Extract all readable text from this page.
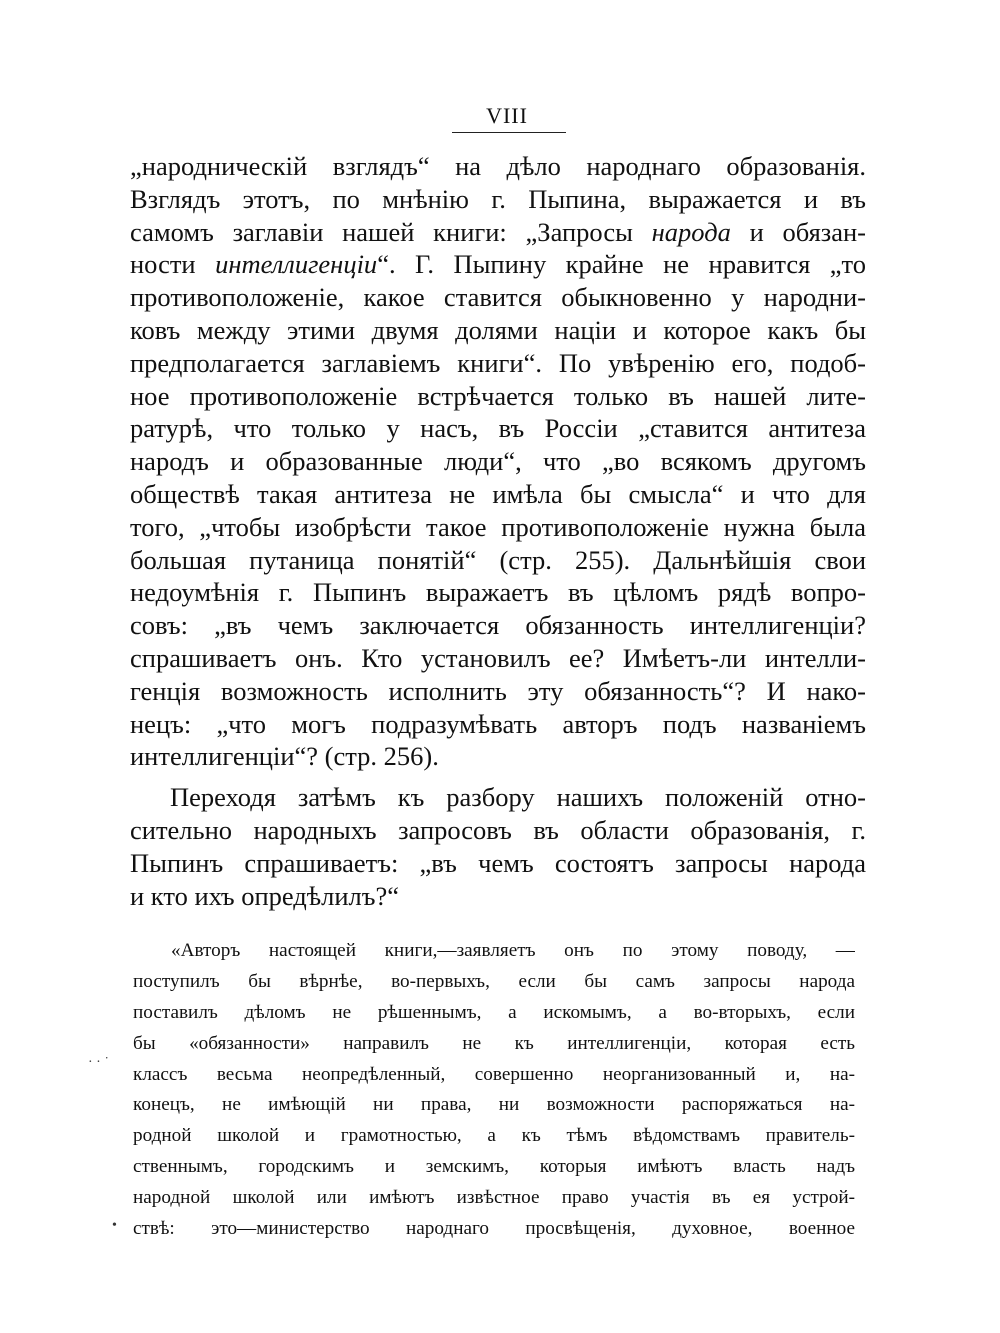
VIII
„народническій взглядъ“ на дѣло народнаго образованія.
Взглядъ этотъ, по мнѣнію г. Пыпина, выражается и въ
самомъ заглавіи нашей книги: „Запросы народа и обязан-
ности интеллигенціи“. Г. Пыпину крайне не нравится „то
противоположеніе, какое ставится обыкновенно у народни-
ковъ между этими двумя долями націи и которое какъ бы
предполагается заглавіемъ книги“. По увѣренію его, подоб-
ное противоположеніе встрѣчается только въ нашей лите-
ратурѣ, что только у насъ, въ Россіи „ставится антитеза
народъ и образованные люди“, что „во всякомъ другомъ
обществѣ такая антитеза не имѣла бы смысла“ и что для
того, „чтобы изобрѣсти такое противоположеніе нужна была
большая путаница понятій“ (стр. 255). Дальнѣйшія свои
недоумѣнія г. Пыпинъ выражаетъ въ цѣломъ рядѣ вопро-
совъ: „въ чемъ заключается обязанность интеллигенціи?
спрашиваетъ онъ. Кто установилъ ее? Имѣетъ-ли интелли-
генція возможность исполнить эту обязанность“? И нако-
нецъ: „что могъ подразумѣвать авторъ подъ названіемъ
интеллигенціи“? (стр. 256).
Переходя затѣмъ къ разбору нашихъ положеній отно-
сительно народныхъ запросовъ въ области образованія, г.
Пыпинъ спрашиваетъ: „въ чемъ состоятъ запросы народа
и кто ихъ опредѣлилъ?“
«Авторъ настоящей книги,—заявляетъ онъ по этому поводу, —
поступилъ бы вѣрнѣе, во-первыхъ, если бы самъ запросы народа
поставилъ дѣломъ не рѣшеннымъ, а искомымъ, а во-вторыхъ, если
бы «обязанности» направилъ не къ интеллигенціи, которая есть
классъ весьма неопредѣленный, совершенно неорганизованный и, на-
конецъ, не имѣющій ни права, ни возможности распоряжаться на-
родной школой и грамотностью, а къ тѣмъ вѣдомствамъ правитель-
ственнымъ, городскимъ и земскимъ, которыя имѣютъ власть надъ
народной школой или имѣютъ извѣстное право участія въ ея устрой-
ствѣ: это—министерство народнаго просвѣщенія, духовное, военное
· · ˙
•
